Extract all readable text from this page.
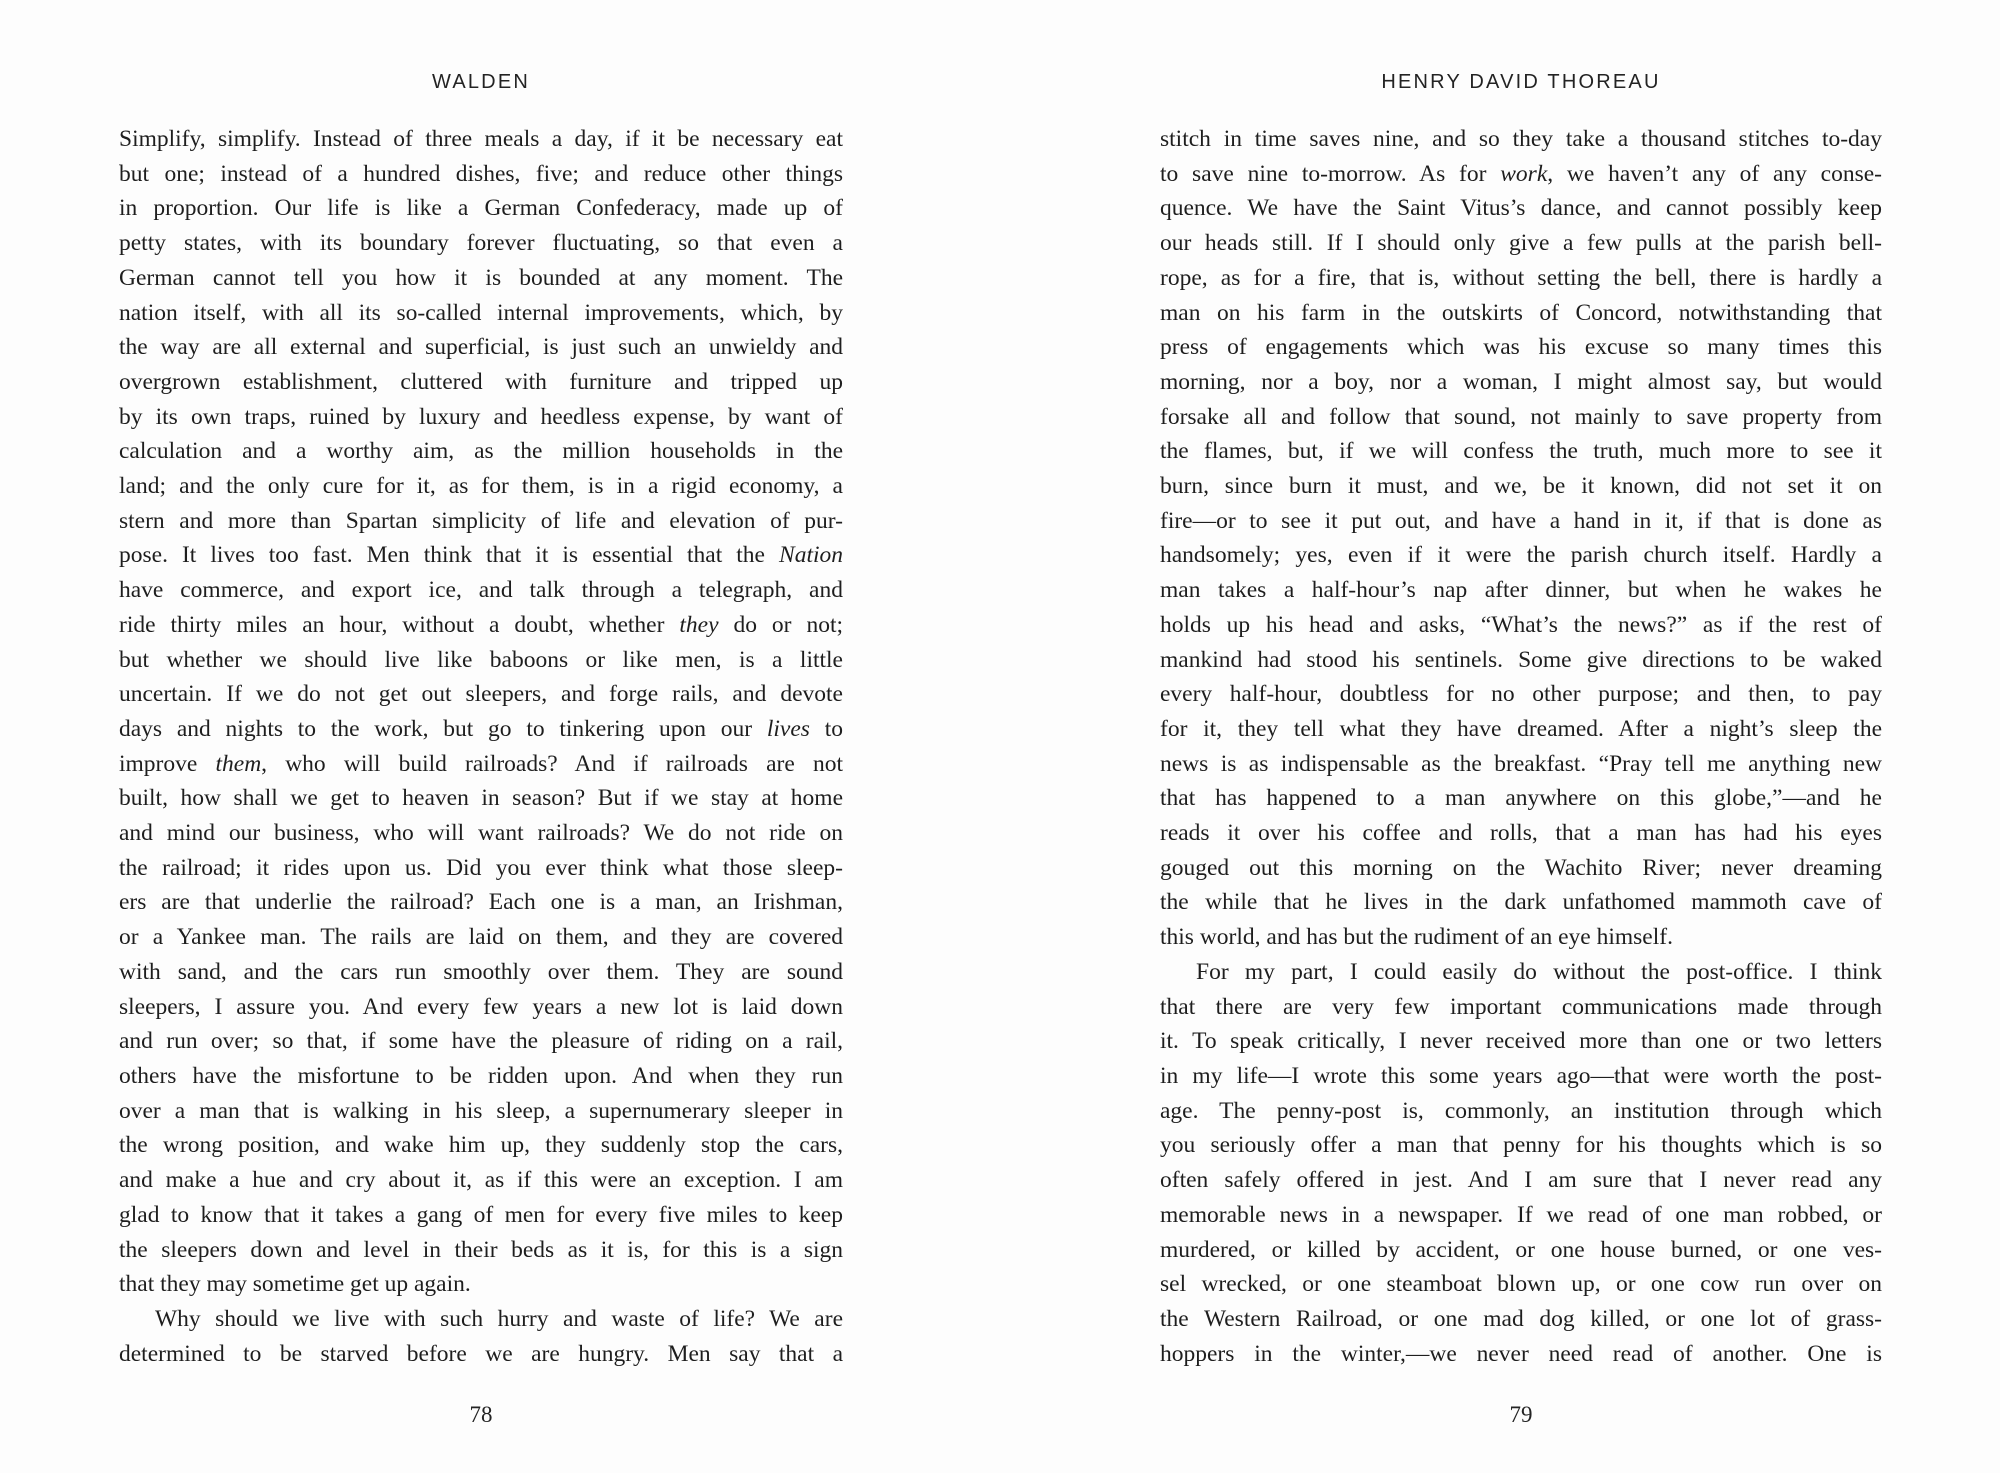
WALDEN
Simplify, simplify. Instead of three meals a day, if it be necessary eat
but one; instead of a hundred dishes, five; and reduce other things
in proportion. Our life is like a German Confederacy, made up of
petty states, with its boundary forever fluctuating, so that even a
German cannot tell you how it is bounded at any moment. The
nation itself, with all its so-called internal improvements, which, by
the way are all external and superficial, is just such an unwieldy and
overgrown establishment, cluttered with furniture and tripped up
by its own traps, ruined by luxury and heedless expense, by want of
calculation and a worthy aim, as the million households in the
land; and the only cure for it, as for them, is in a rigid economy, a
stern and more than Spartan simplicity of life and elevation of pur-
pose. It lives too fast. Men think that it is essential that the Nation
have commerce, and export ice, and talk through a telegraph, and
ride thirty miles an hour, without a doubt, whether they do or not;
but whether we should live like baboons or like men, is a little
uncertain. If we do not get out sleepers, and forge rails, and devote
days and nights to the work, but go to tinkering upon our lives to
improve them, who will build railroads? And if railroads are not
built, how shall we get to heaven in season? But if we stay at home
and mind our business, who will want railroads? We do not ride on
the railroad; it rides upon us. Did you ever think what those sleep-
ers are that underlie the railroad? Each one is a man, an Irishman,
or a Yankee man. The rails are laid on them, and they are covered
with sand, and the cars run smoothly over them. They are sound
sleepers, I assure you. And every few years a new lot is laid down
and run over; so that, if some have the pleasure of riding on a rail,
others have the misfortune to be ridden upon. And when they run
over a man that is walking in his sleep, a supernumerary sleeper in
the wrong position, and wake him up, they suddenly stop the cars,
and make a hue and cry about it, as if this were an exception. I am
glad to know that it takes a gang of men for every five miles to keep
the sleepers down and level in their beds as it is, for this is a sign
that they may sometime get up again.
Why should we live with such hurry and waste of life? We are
determined to be starved before we are hungry. Men say that a
78
HENRY DAVID THOREAU
stitch in time saves nine, and so they take a thousand stitches to-day
to save nine to-morrow. As for work, we haven’t any of any conse-
quence. We have the Saint Vitus’s dance, and cannot possibly keep
our heads still. If I should only give a few pulls at the parish bell-
rope, as for a fire, that is, without setting the bell, there is hardly a
man on his farm in the outskirts of Concord, notwithstanding that
press of engagements which was his excuse so many times this
morning, nor a boy, nor a woman, I might almost say, but would
forsake all and follow that sound, not mainly to save property from
the flames, but, if we will confess the truth, much more to see it
burn, since burn it must, and we, be it known, did not set it on
fire—or to see it put out, and have a hand in it, if that is done as
handsomely; yes, even if it were the parish church itself. Hardly a
man takes a half-hour’s nap after dinner, but when he wakes he
holds up his head and asks, “What’s the news?” as if the rest of
mankind had stood his sentinels. Some give directions to be waked
every half-hour, doubtless for no other purpose; and then, to pay
for it, they tell what they have dreamed. After a night’s sleep the
news is as indispensable as the breakfast. “Pray tell me anything new
that has happened to a man anywhere on this globe,”—and he
reads it over his coffee and rolls, that a man has had his eyes
gouged out this morning on the Wachito River; never dreaming
the while that he lives in the dark unfathomed mammoth cave of
this world, and has but the rudiment of an eye himself.
For my part, I could easily do without the post-office. I think
that there are very few important communications made through
it. To speak critically, I never received more than one or two letters
in my life—I wrote this some years ago—that were worth the post-
age. The penny-post is, commonly, an institution through which
you seriously offer a man that penny for his thoughts which is so
often safely offered in jest. And I am sure that I never read any
memorable news in a newspaper. If we read of one man robbed, or
murdered, or killed by accident, or one house burned, or one ves-
sel wrecked, or one steamboat blown up, or one cow run over on
the Western Railroad, or one mad dog killed, or one lot of grass-
hoppers in the winter,—we never need read of another. One is
79
